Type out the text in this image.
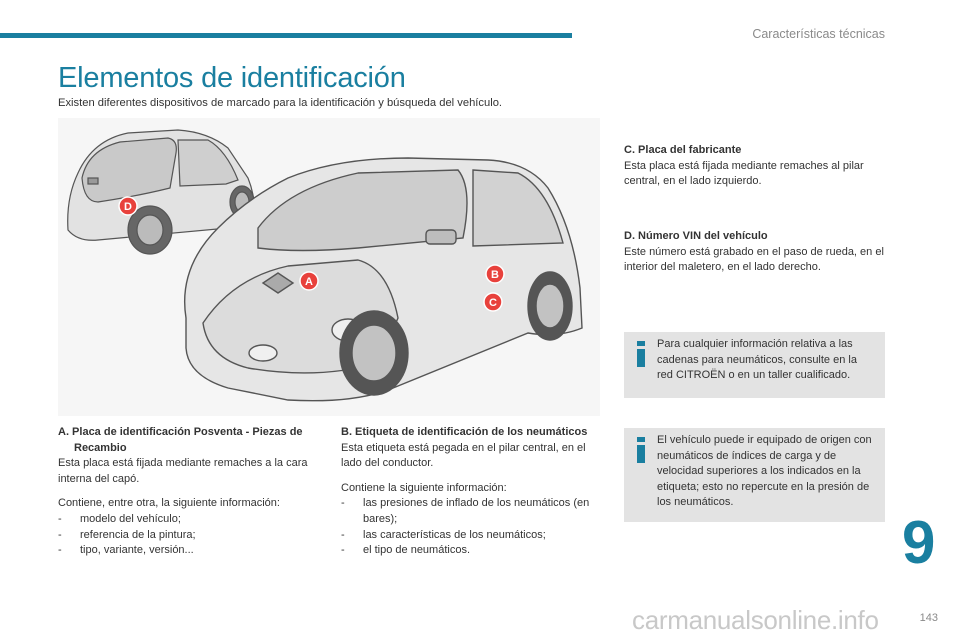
Características técnicas
Elementos de identificación
Existen diferentes dispositivos de marcado para la identificación y búsqueda del vehículo.
A
B
C
D
A. Placa de identificación Posventa - Piezas de Recambio

Esta placa está fijada mediante remaches a la cara interna del capó.

Contiene, entre otra, la siguiente información:

- modelo del vehículo;
- referencia de la pintura;
- tipo, variante, versión...
B. Etiqueta de identificación de los neumáticos

Esta etiqueta está pegada en el pilar central, en el lado del conductor.

Contiene la siguiente información:

- las presiones de inflado de los neumáticos (en bares);
- las características de los neumáticos;
- el tipo de neumáticos.
C. Placa del fabricante

Esta placa está fijada mediante remaches al pilar central, en el lado izquierdo.

D. Número VIN del vehículo

Este número está grabado en el paso de rueda, en el interior del maletero, en el lado derecho.

Para cualquier información relativa a las cadenas para neumáticos, consulte en la red CITROËN o en un taller cualificado.
El vehículo puede ir equipado de origen con neumáticos de índices de carga y de velocidad superiores a los indicados en la etiqueta; esto no repercute en la presión de los neumáticos.
9
carmanualsonline.info	143
